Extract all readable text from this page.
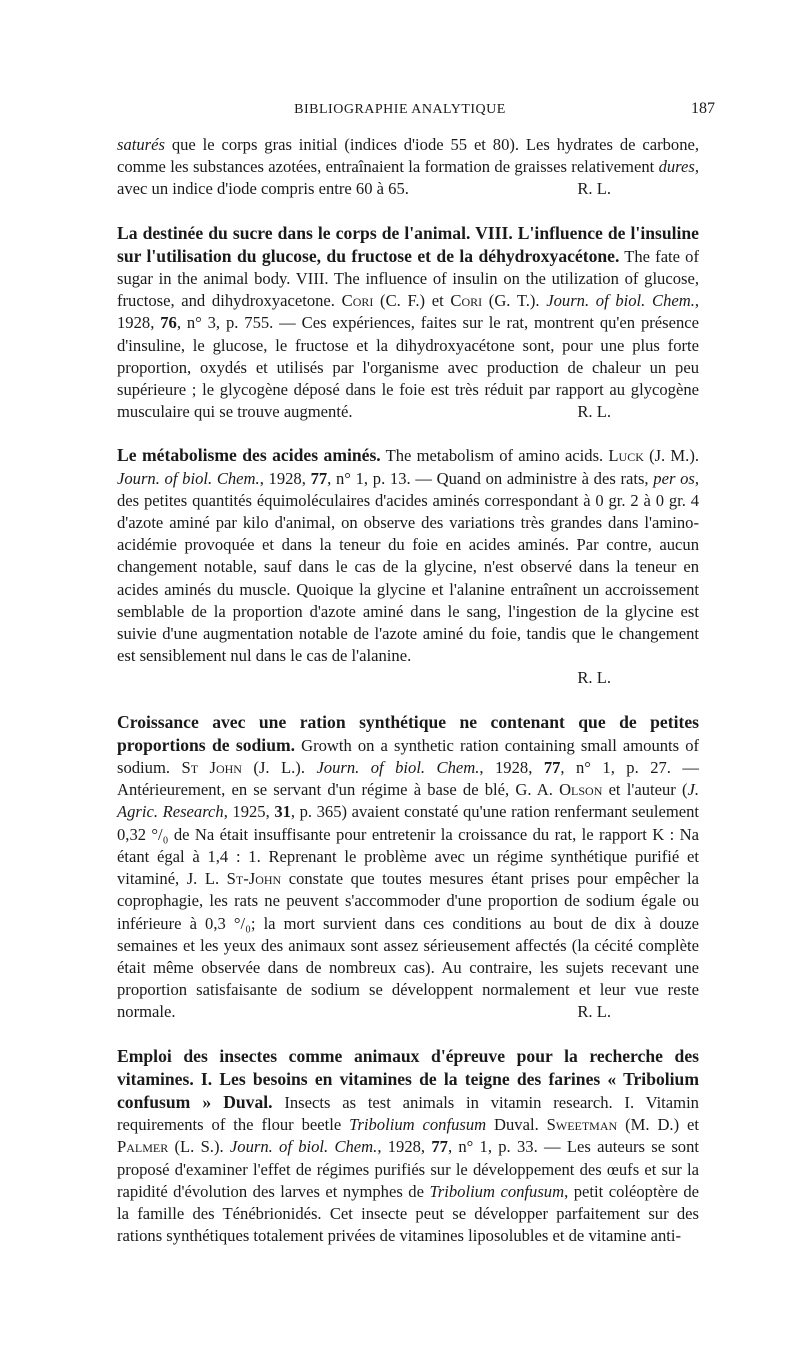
BIBLIOGRAPHIE ANALYTIQUE	187

saturés que le corps gras initial (indices d'iode 55 et 80). Les hydrates de carbone, comme les substances azotées, entraînaient la formation de graisses relativement dures, avec un indice d'iode compris entre 60 à 65.	R. L.

La destinée du sucre dans le corps de l'animal. VIII. L'influence de l'insuline sur l'utilisation du glucose, du fructose et de la déhydroxyacétone. The fate of sugar in the animal body. VIII. The influence of insulin on the utilization of glucose, fructose, and dihydroxyacetone. Cori (C. F.) et Cori (G. T.). Journ. of biol. Chem., 1928, 76, n° 3, p. 755. — Ces expériences, faites sur le rat, montrent qu'en présence d'insuline, le glucose, le fructose et la dihydroxyacétone sont, pour une plus forte proportion, oxydés et utilisés par l'organisme avec production de chaleur un peu supérieure ; le glycogène déposé dans le foie est très réduit par rapport au glycogène musculaire qui se trouve augmenté.	R. L.

Le métabolisme des acides aminés. The metabolism of amino acids. Luck (J. M.). Journ. of biol. Chem., 1928, 77, n° 1, p. 13. — Quand on administre à des rats, per os, des petites quantités équimoléculaires d'acides aminés correspondant à 0 gr. 2 à 0 gr. 4 d'azote aminé par kilo d'animal, on observe des variations très grandes dans l'amino-acidémie provoquée et dans la teneur du foie en acides aminés. Par contre, aucun changement notable, sauf dans le cas de la glycine, n'est observé dans la teneur en acides aminés du muscle. Quoique la glycine et l'alanine entraînent un accroissement semblable de la proportion d'azote aminé dans le sang, l'ingestion de la glycine est suivie d'une augmentation notable de l'azote aminé du foie, tandis que le changement est sensiblement nul dans le cas de l'alanine.

R. L.

Croissance avec une ration synthétique ne contenant que de petites proportions de sodium. Growth on a synthetic ration containing small amounts of sodium. St John (J. L.). Journ. of biol. Chem., 1928, 77, n° 1, p. 27. — Antérieurement, en se servant d'un régime à base de blé, G. A. Olson et l'auteur (J. Agric. Research, 1925, 31, p. 365) avaient constaté qu'une ration renfermant seulement 0,32 °/₀ de Na était insuffisante pour entretenir la croissance du rat, le rapport K : Na étant égal à 1,4 : 1. Reprenant le problème avec un régime synthétique purifié et vitaminé, J. L. St-John constate que toutes mesures étant prises pour empêcher la coprophagie, les rats ne peuvent s'accommoder d'une proportion de sodium égale ou inférieure à 0,3 °/₀; la mort survient dans ces conditions au bout de dix à douze semaines et les yeux des animaux sont assez sérieusement affectés (la cécité complète était même observée dans de nombreux cas). Au contraire, les sujets recevant une proportion satisfaisante de sodium se développent normalement et leur vue reste normale.	R. L.

Emploi des insectes comme animaux d'épreuve pour la recherche des vitamines. I. Les besoins en vitamines de la teigne des farines « Tribolium confusum » Duval. Insects as test animals in vitamin research. I. Vitamin requirements of the flour beetle Tribolium confusum Duval. Sweetman (M. D.) et Palmer (L. S.). Journ. of biol. Chem., 1928, 77, n° 1, p. 33. — Les auteurs se sont proposé d'examiner l'effet de régimes purifiés sur le développement des œufs et sur la rapidité d'évolution des larves et nymphes de Tribolium confusum, petit coléoptère de la famille des Ténébrionidés. Cet insecte peut se développer parfaitement sur des rations synthétiques totalement privées de vitamines liposolubles et de vitamine anti-
